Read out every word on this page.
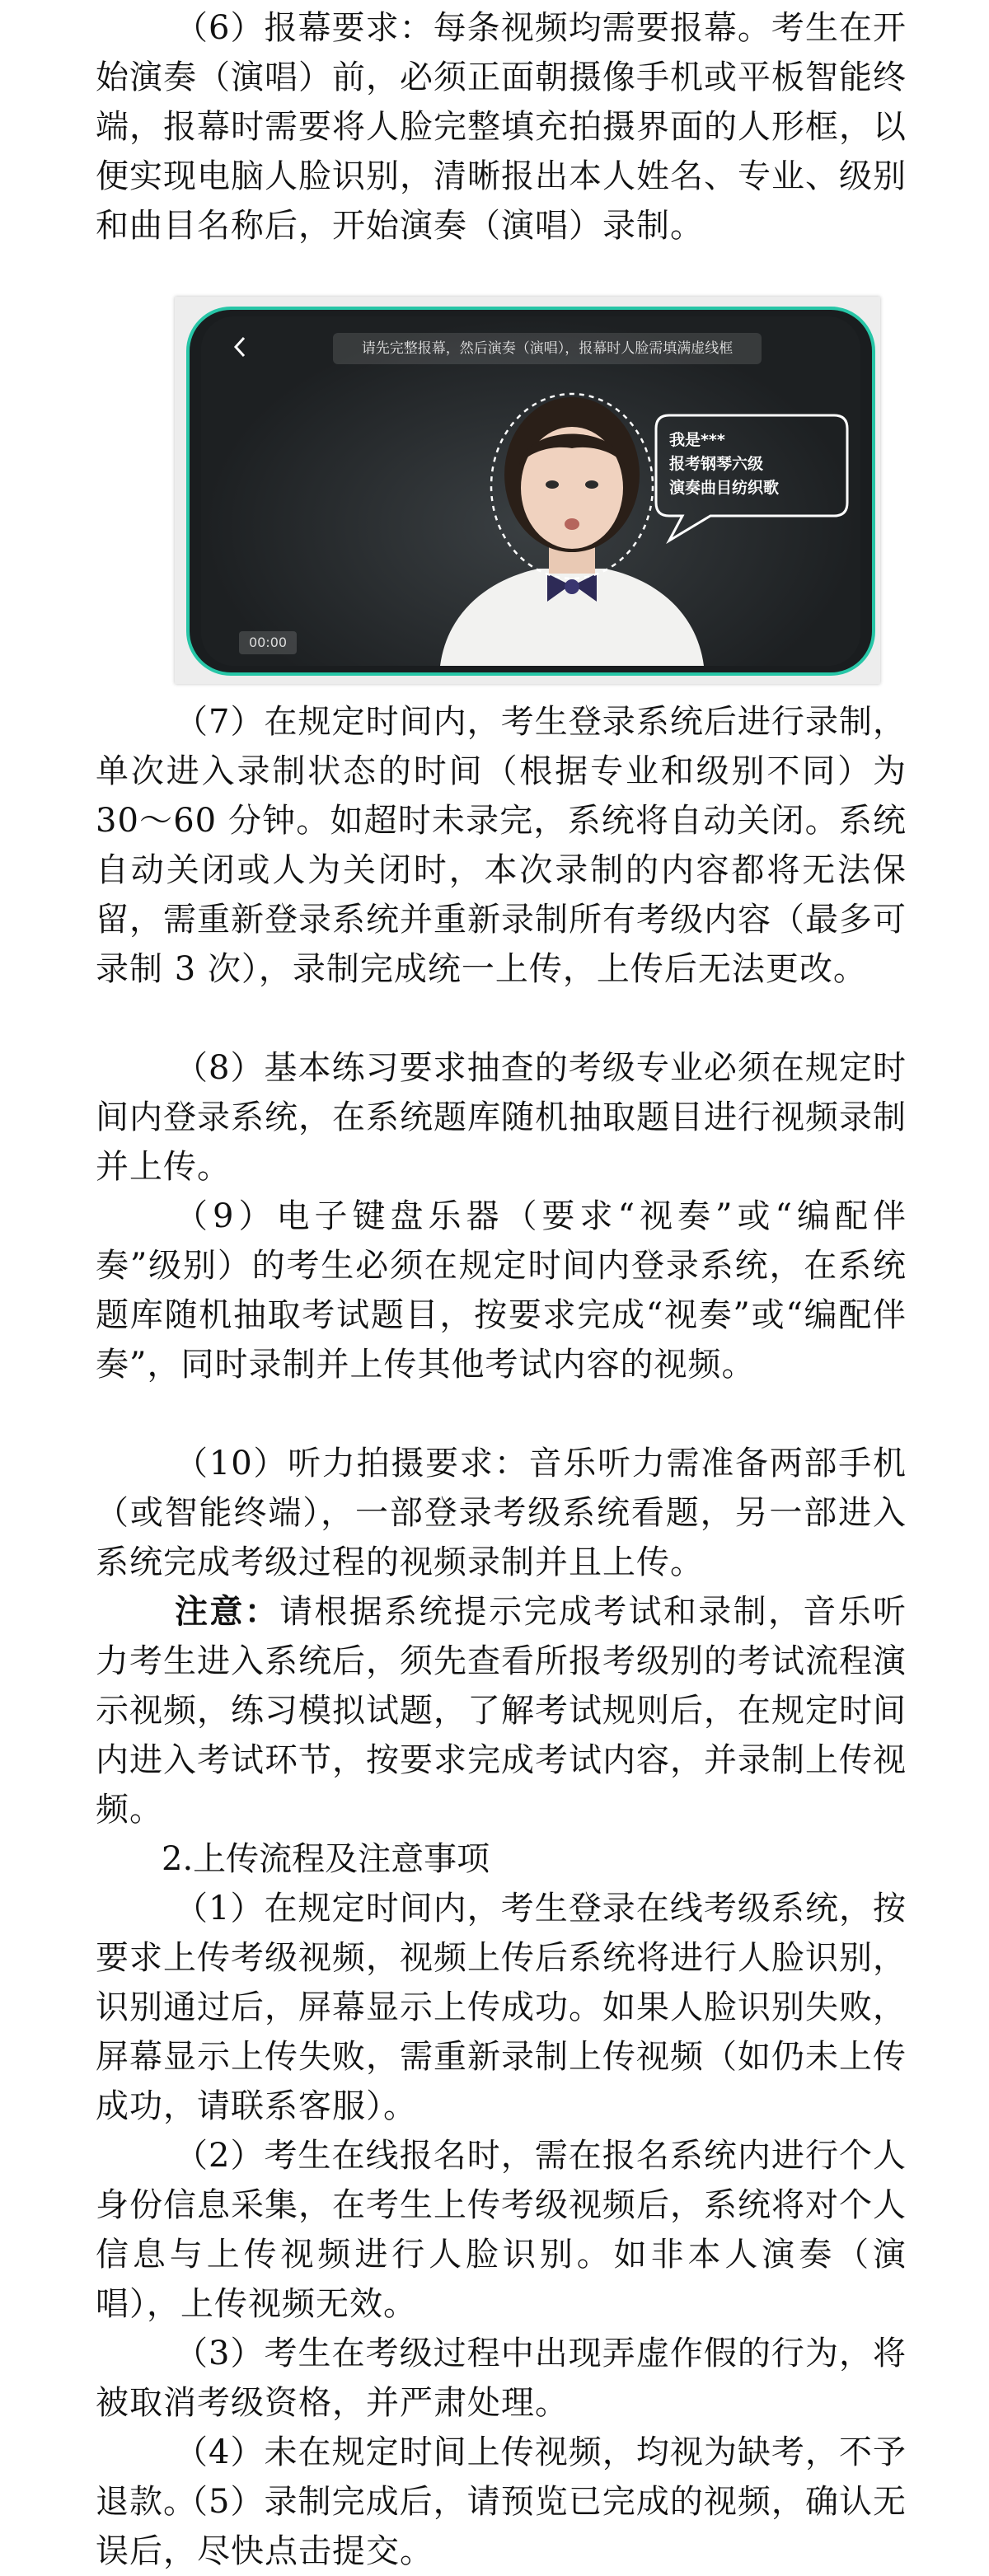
（6）报幕要求：每条视频均需要报幕。考生在开始演奏（演唱）前，必须正面朝摄像手机或平板智能终端，报幕时需要将人脸完整填充拍摄界面的人形框，以便实现电脑人脸识别，清晰报出本人姓名、专业、级别和曲目名称后，开始演奏（演唱）录制。

请先完整报幕，然后演奏（演唱），报幕时人脸需填满虚线框
我是***
报考钢琴六级
演奏曲目纺织歌
00:00

（7）在规定时间内，考生登录系统后进行录制，单次进入录制状态的时间（根据专业和级别不同）为 30～60 分钟。如超时未录完，系统将自动关闭。系统自动关闭或人为关闭时，本次录制的内容都将无法保留，需重新登录系统并重新录制所有考级内容（最多可录制 3 次），录制完成统一上传，上传后无法更改。

（8）基本练习要求抽查的考级专业必须在规定时间内登录系统，在系统题库随机抽取题目进行视频录制并上传。

（9）电子键盘乐器（要求“视奏”或“编配伴奏”级别）的考生必须在规定时间内登录系统，在系统题库随机抽取考试题目，按要求完成“视奏”或“编配伴奏”，同时录制并上传其他考试内容的视频。

（10）听力拍摄要求：音乐听力需准备两部手机（或智能终端），一部登录考级系统看题，另一部进入系统完成考级过程的视频录制并且上传。

注意：请根据系统提示完成考试和录制，音乐听力考生进入系统后，须先查看所报考级别的考试流程演示视频，练习模拟试题，了解考试规则后，在规定时间内进入考试环节，按要求完成考试内容，并录制上传视频。

2.上传流程及注意事项

（1）在规定时间内，考生登录在线考级系统，按要求上传考级视频，视频上传后系统将进行人脸识别，识别通过后，屏幕显示上传成功。如果人脸识别失败，屏幕显示上传失败，需重新录制上传视频（如仍未上传成功，请联系客服）。

（2）考生在线报名时，需在报名系统内进行个人身份信息采集，在考生上传考级视频后，系统将对个人信息与上传视频进行人脸识别。如非本人演奏（演唱），上传视频无效。

（3）考生在考级过程中出现弄虚作假的行为，将被取消考级资格，并严肃处理。

（4）未在规定时间上传视频，均视为缺考，不予退款。

（5）录制完成后，请预览已完成的视频，确认无误后，尽快点击提交。
